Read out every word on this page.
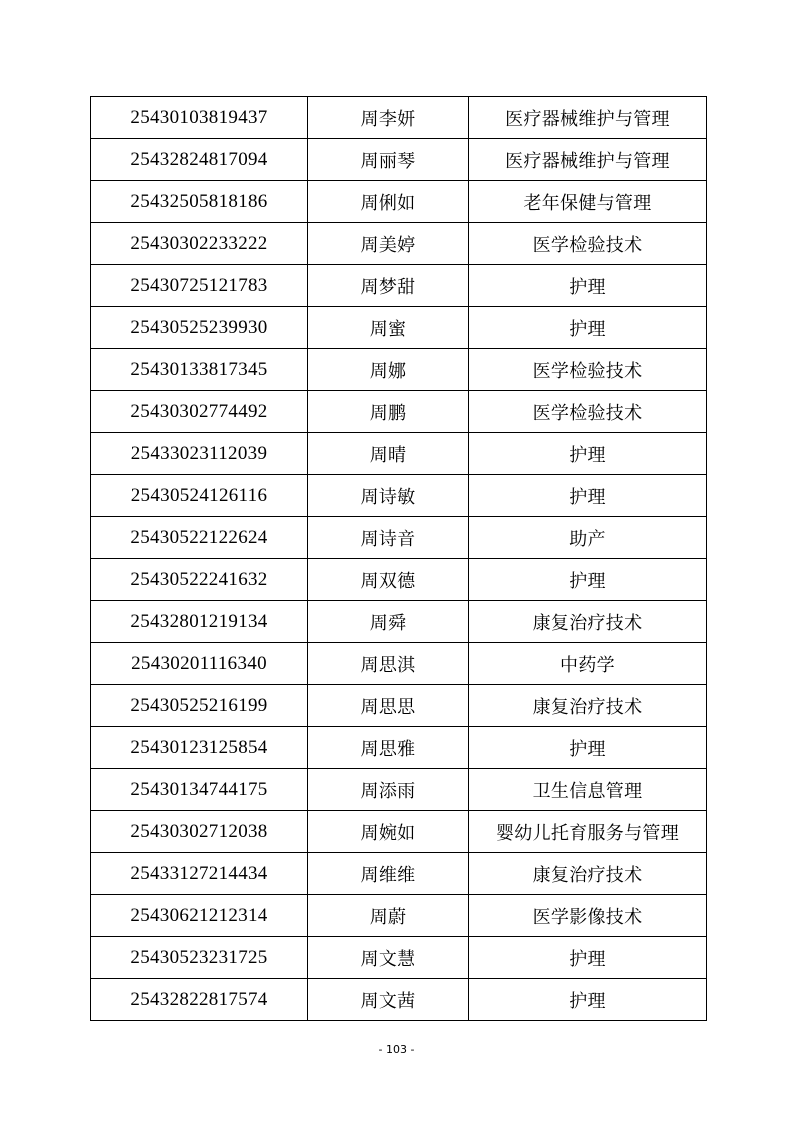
25430103819437	周李妍	医疗器械维护与管理
25432824817094	周丽琴	医疗器械维护与管理
25432505818186	周俐如	老年保健与管理
25430302233222	周美婷	医学检验技术
25430725121783	周梦甜	护理
25430525239930	周蜜	护理
25430133817345	周娜	医学检验技术
25430302774492	周鹏	医学检验技术
25433023112039	周晴	护理
25430524126116	周诗敏	护理
25430522122624	周诗音	助产
25430522241632	周双德	护理
25432801219134	周舜	康复治疗技术
25430201116340	周思淇	中药学
25430525216199	周思思	康复治疗技术
25430123125854	周思雅	护理
25430134744175	周添雨	卫生信息管理
25430302712038	周婉如	婴幼儿托育服务与管理
25433127214434	周维维	康复治疗技术
25430621212314	周蔚	医学影像技术
25430523231725	周文慧	护理
25432822817574	周文茜	护理
- 103 -
